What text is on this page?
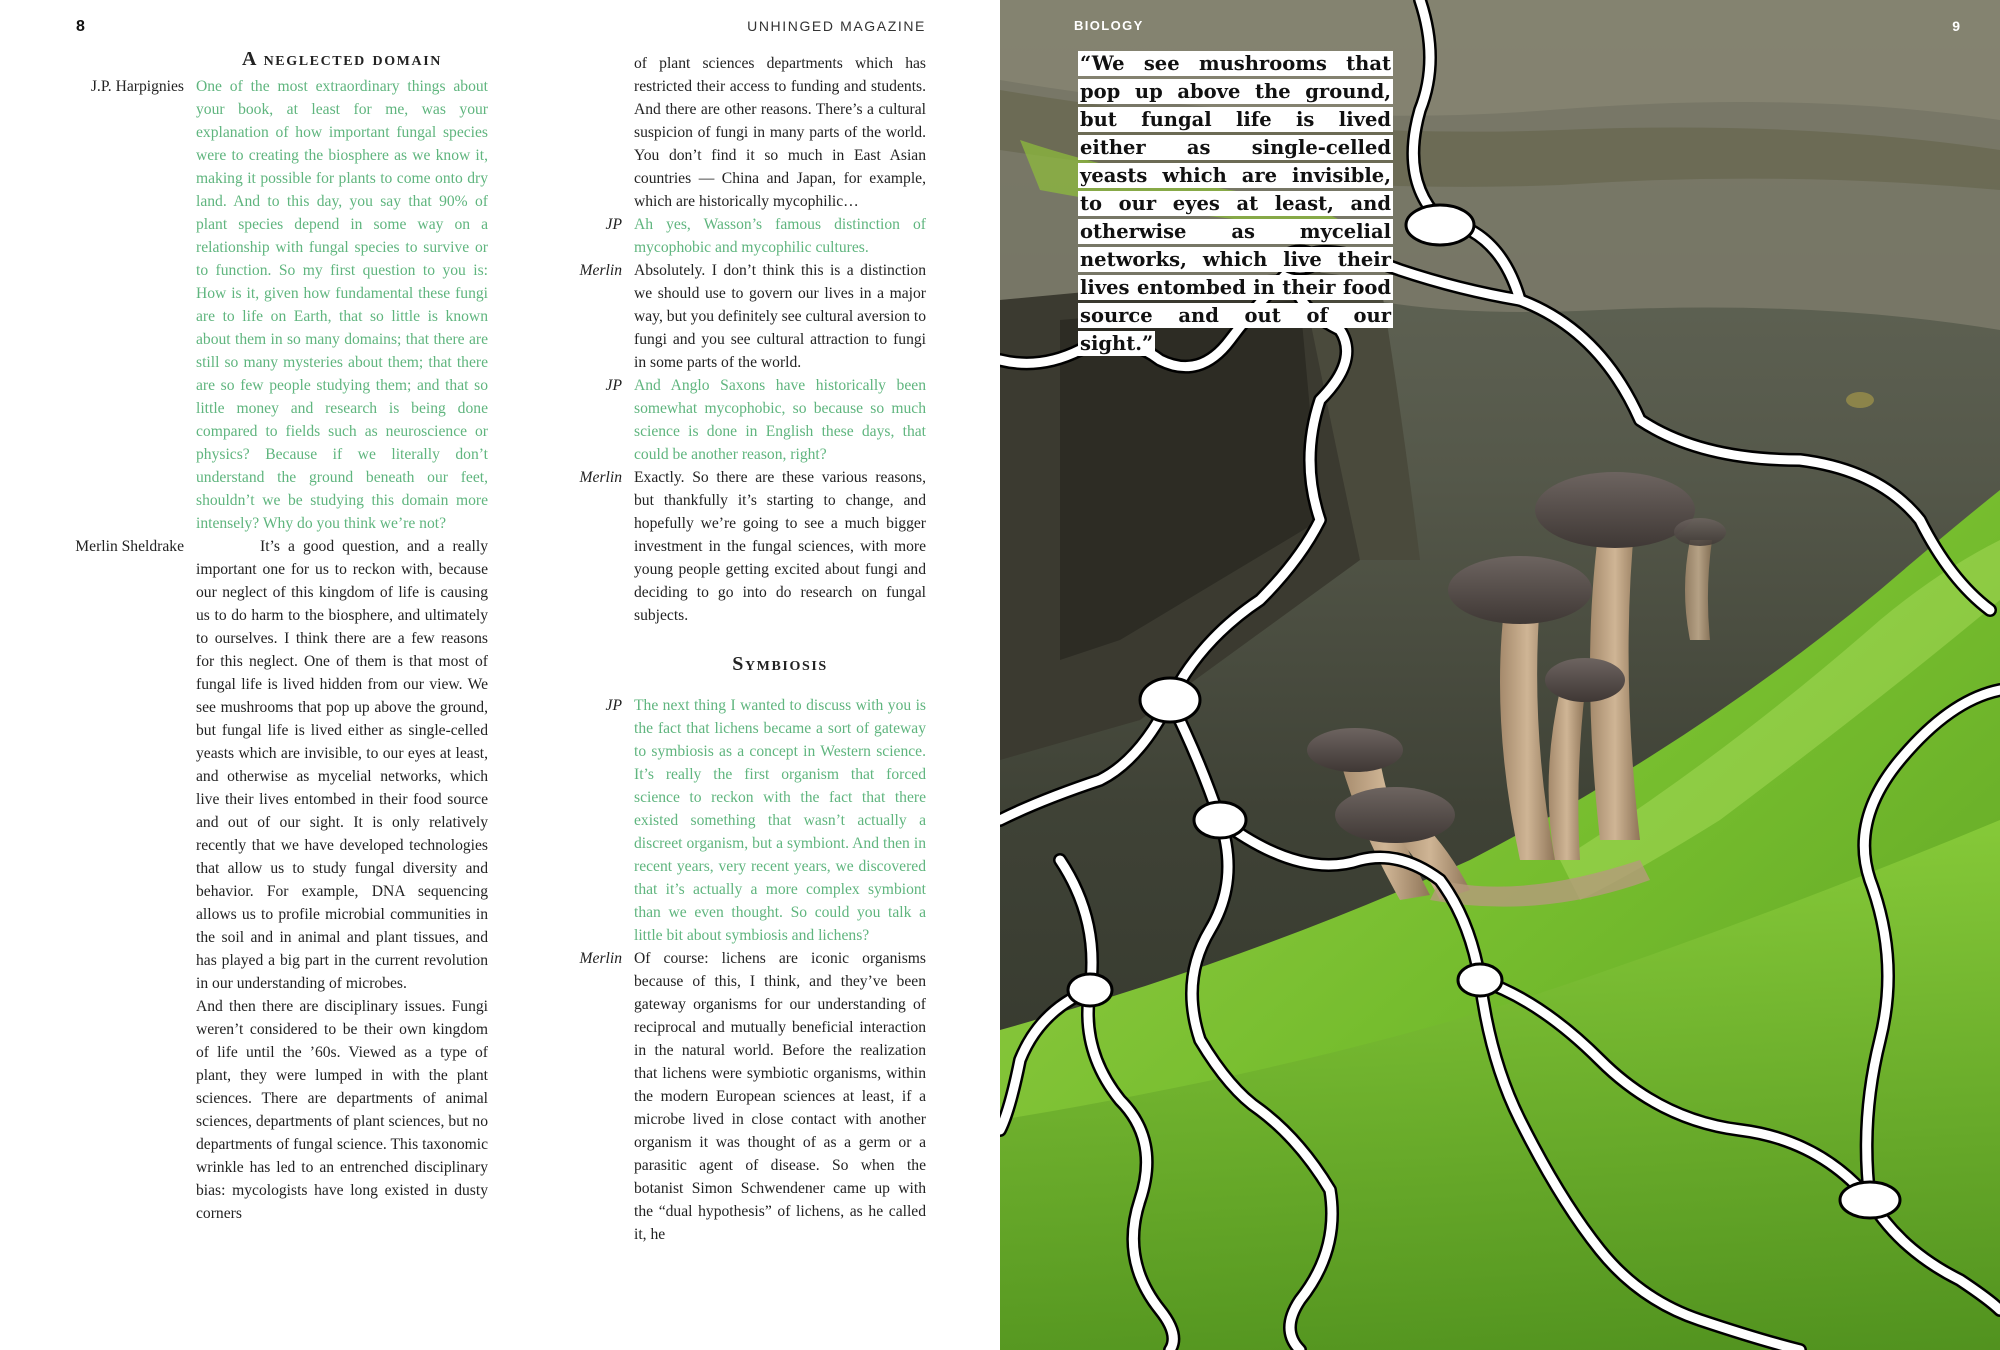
8	UNHINGED MAGAZINE
A neglected domain

J.P. Harpignies One of the most extraordinary things about your book, at least for me, was your explanation of how important fungal species were to creating the biosphere as we know it, making it possible for plants to come onto dry land. And to this day, you say that 90% of plant species depend in some way on a relationship with fungal species to survive or to function. So my first question to you is: How is it, given how fundamental these fungi are to life on Earth, that so little is known about them in so many domains; that there are still so many mysteries about them; that there are so few people studying them; and that so little money and research is being done compared to fields such as neuroscience or physics? Because if we literally don’t understand the ground beneath our feet, shouldn’t we be studying this domain more intensely? Why do you think we’re not?

Merlin Sheldrake	It’s a good question, and a really important one for us to reckon with, because our neglect of this kingdom of life is causing us to do harm to the biosphere, and ultimately to ourselves. I think there are a few reasons for this neglect. One of them is that most of fungal life is lived hidden from our view. We see mushrooms that pop up above the ground, but fungal life is lived either as single-celled yeasts which are invisible, to our eyes at least, and otherwise as mycelial networks, which live their lives entombed in their food source and out of our sight. It is only relatively recently that we have developed technologies that allow us to study fungal diversity and behavior. For example, DNA sequencing allows us to profile microbial communities in the soil and in animal and plant tissues, and has played a big part in the current revolution in our understanding of microbes.

And then there are disciplinary issues. Fungi weren’t considered to be their own kingdom of life until the ’60s. Viewed as a type of plant, they were lumped in with the plant sciences. There are departments of animal sciences, departments of plant sciences, but no departments of fungal science. This taxonomic wrinkle has led to an entrenched disciplinary bias: mycologists have long existed in dusty corners

of plant sciences departments which has restricted their access to funding and students. And there are other reasons. There’s a cultural suspicion of fungi in many parts of the world. You don’t find it so much in East Asian countries — China and Japan, for example, which are historically mycophilic…

JP Ah yes, Wasson’s famous distinction of mycophobic and mycophilic cultures.

Merlin Absolutely. I don’t think this is a distinction we should use to govern our lives in a major way, but you definitely see cultural aversion to fungi and you see cultural attraction to fungi in some parts of the world.

JP And Anglo Saxons have historically been somewhat mycophobic, so because so much science is done in English these days, that could be another reason, right?

Merlin Exactly. So there are these various reasons, but thankfully it’s starting to change, and hopefully we’re going to see a much bigger investment in the fungal sciences, with more young people getting excited about fungi and deciding to go into do research on fungal subjects.

Symbiosis

JP The next thing I wanted to discuss with you is the fact that lichens became a sort of gateway to symbiosis as a concept in Western science. It’s really the first organism that forced science to reckon with the fact that there existed something that wasn’t actually a discreet organism, but a symbiont. And then in recent years, very recent years, we discovered that it’s actually a more complex symbiont than we even thought. So could you talk a little bit about symbiosis and lichens?

Merlin Of course: lichens are iconic organisms because of this, I think, and they’ve been gateway organisms for our understanding of reciprocal and mutually beneficial interaction in the natural world. Before the realization that lichens were symbiotic organisms, within the modern European sciences at least, if a microbe lived in close contact with another organism it was thought of as a germ or a parasitic agent of disease. So when the botanist Simon Schwendener came up with the “dual hypothesis” of lichens, as he called it, he

BIOLOGY	9
“We see mushrooms that pop up above the ground, but fungal life is lived either as single-celled yeasts which are invisible, to our eyes at least, and otherwise as mycelial networks, which live their lives entombed in their food source and out of our sight.”
